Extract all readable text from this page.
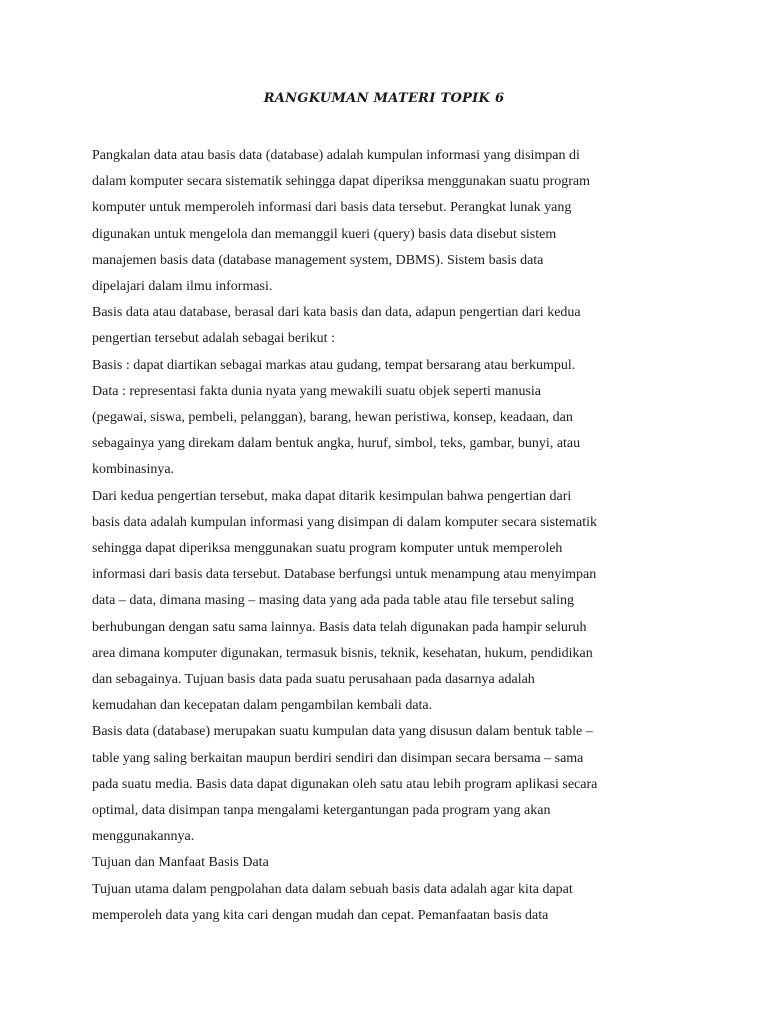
RANGKUMAN MATERI TOPIK 6
Pangkalan data atau basis data (database) adalah kumpulan informasi yang disimpan di
dalam komputer secara sistematik sehingga dapat diperiksa menggunakan suatu program
komputer untuk memperoleh informasi dari basis data tersebut. Perangkat lunak yang
digunakan untuk mengelola dan memanggil kueri (query) basis data disebut sistem
manajemen basis data (database management system, DBMS). Sistem basis data
dipelajari dalam ilmu informasi.
Basis data atau database, berasal dari kata basis dan data, adapun pengertian dari kedua
pengertian tersebut adalah sebagai berikut :
Basis : dapat diartikan sebagai markas atau gudang, tempat bersarang atau berkumpul.
Data : representasi fakta dunia nyata yang mewakili suatu objek seperti manusia
(pegawai, siswa, pembeli, pelanggan), barang, hewan peristiwa, konsep, keadaan, dan
sebagainya yang direkam dalam bentuk angka, huruf, simbol, teks, gambar, bunyi, atau
kombinasinya.
Dari kedua pengertian tersebut, maka dapat ditarik kesimpulan bahwa pengertian dari
basis data adalah kumpulan informasi yang disimpan di dalam komputer secara sistematik
sehingga dapat diperiksa menggunakan suatu program komputer untuk memperoleh
informasi dari basis data tersebut. Database berfungsi untuk menampung atau menyimpan
data – data, dimana masing – masing data yang ada pada table atau file tersebut saling
berhubungan dengan satu sama lainnya. Basis data telah digunakan pada hampir seluruh
area dimana komputer digunakan, termasuk bisnis, teknik, kesehatan, hukum, pendidikan
dan sebagainya. Tujuan basis data pada suatu perusahaan pada dasarnya adalah
kemudahan dan kecepatan dalam pengambilan kembali data.
Basis data (database) merupakan suatu kumpulan data yang disusun dalam bentuk table –
table yang saling berkaitan maupun berdiri sendiri dan disimpan secara bersama – sama
pada suatu media. Basis data dapat digunakan oleh satu atau lebih program aplikasi secara
optimal, data disimpan tanpa mengalami ketergantungan pada program yang akan
menggunakannya.
Tujuan dan Manfaat Basis Data
Tujuan utama dalam pengpolahan data dalam sebuah basis data adalah agar kita dapat
memperoleh data yang kita cari dengan mudah dan cepat. Pemanfaatan basis data
